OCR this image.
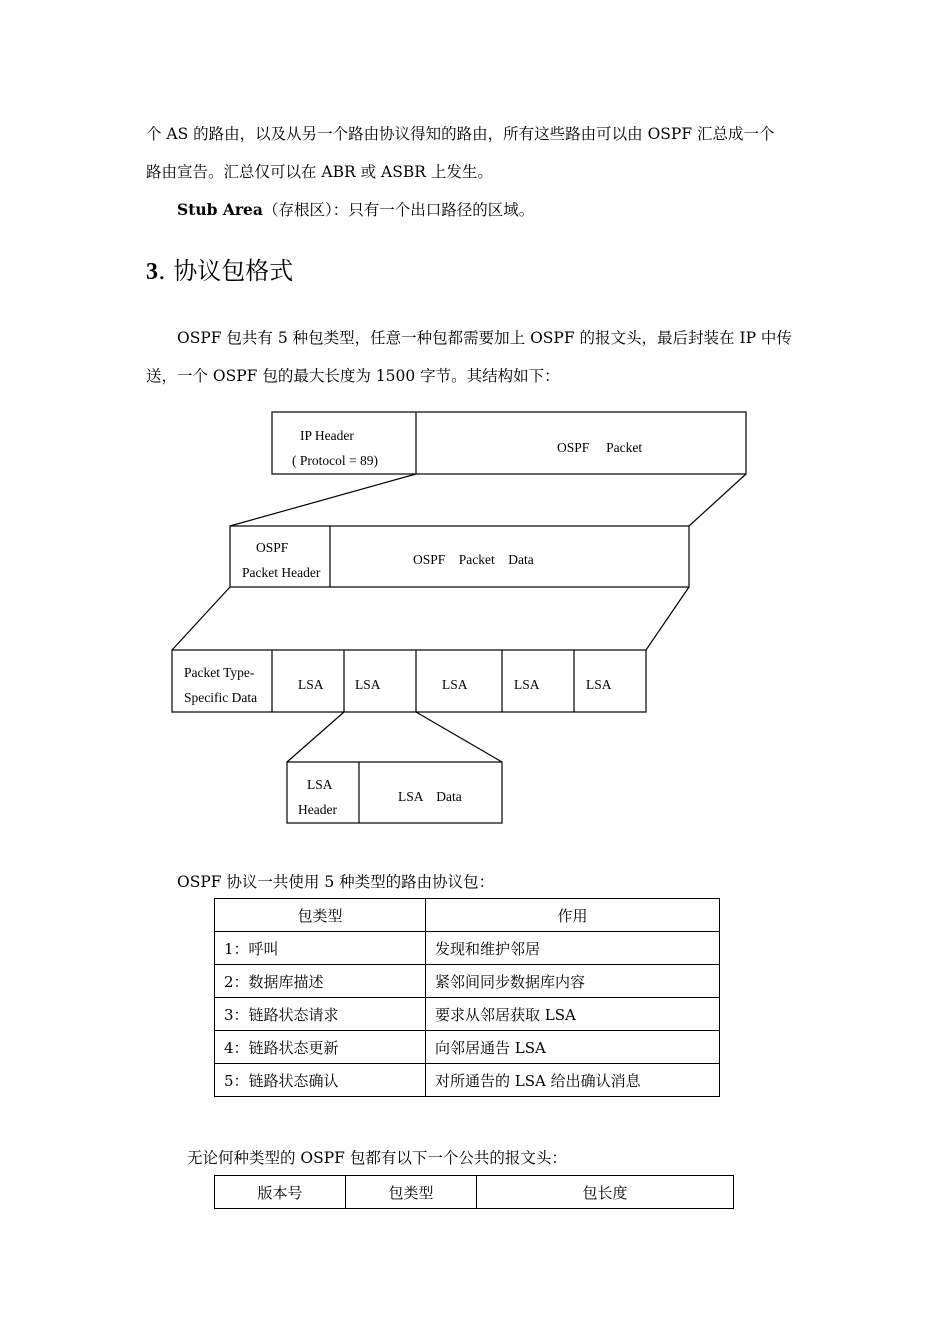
个 AS 的路由，以及从另一个路由协议得知的路由，所有这些路由可以由 OSPF 汇总成一个
路由宣告。汇总仅可以在 ABR 或 ASBR 上发生。
Stub Area（存根区）：只有一个出口路径的区域。
3. 协议包格式
OSPF 包共有 5 种包类型，任意一种包都需要加上 OSPF 的报文头，最后封装在 IP 中传
送，一个 OSPF 包的最大长度为 1500 字节。其结构如下：
IP Header
( Protocol = 89)
OSPF     Packet
OSPF
Packet Header
OSPF    Packet    Data
Packet Type-
Specific Data
LSA LSA	LSA	LSA	LSA
LSA
Header
LSA    Data
OSPF 协议一共使用 5 种类型的路由协议包：
包类型	作用
1：呼叫	发现和维护邻居
2：数据库描述	紧邻间同步数据库内容
3：链路状态请求	要求从邻居获取 LSA
4：链路状态更新	向邻居通告 LSA
5：链路状态确认	对所通告的 LSA 给出确认消息
无论何种类型的 OSPF 包都有以下一个公共的报文头：
版本号	包类型	包长度
